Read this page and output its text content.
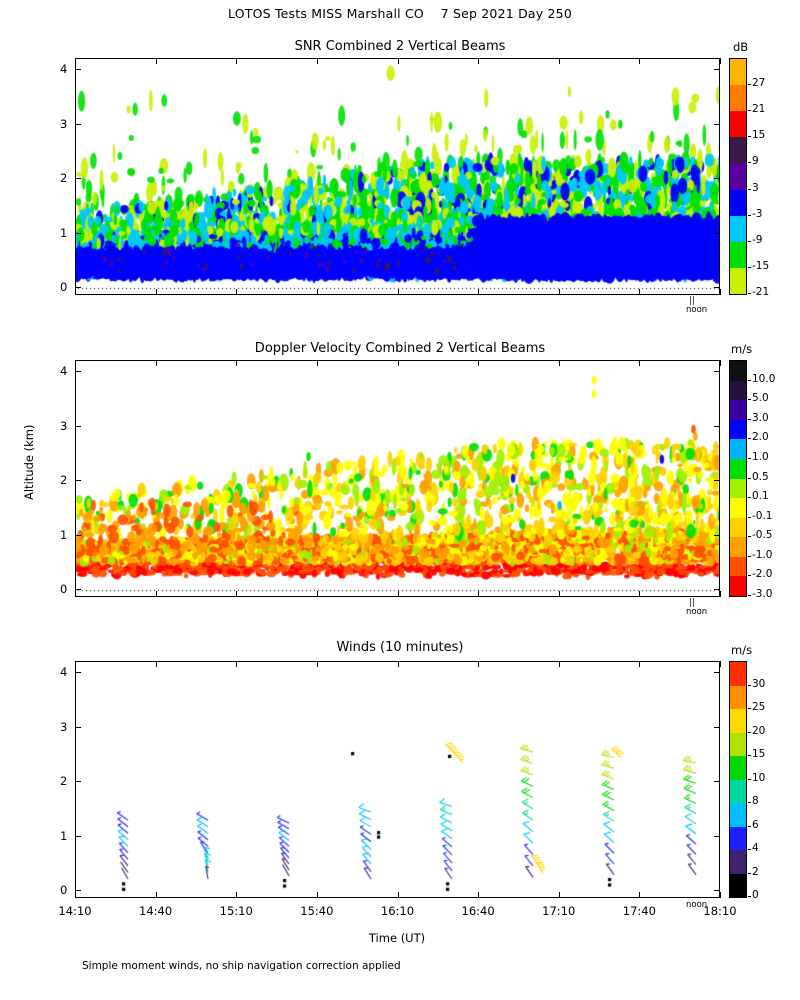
LOTOS Tests MISS Marshall CO    7 Sep 2021 Day 250
SNR Combined 2 Vertical Beams	dB
noon
||
Doppler Velocity Combined 2 Vertical Beams	m/s
noon
||
Winds (10 minutes)	m/s
noon
Time (UT)
Altitude (km)
Simple moment winds, no ship navigation correction applied
27
21
15
9
3
-3
-9
-15
-21
10.0
5.0
3.0
2.0
1.0
0.5
0.1
-0.1
-0.5
-1.0
-2.0
-3.0
30
25
20
15
10
8
6
4
2
0
0
1
2
3
4
0
1
2
3
4
0
1
2
3
4
14:10	14:40	15:10	15:40	16:10	16:40	17:10	17:40	18:10
